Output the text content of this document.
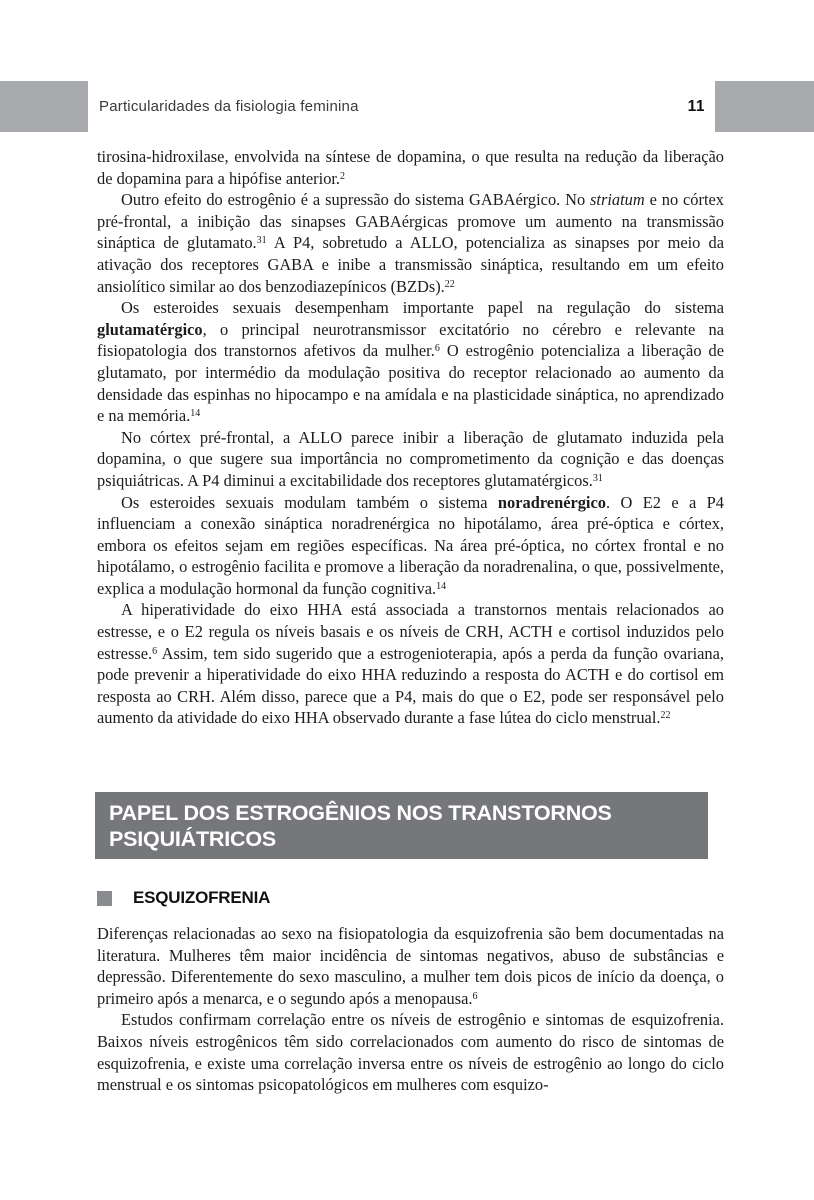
Particularidades da fisiologia feminina	11

tirosina-hidroxilase, envolvida na síntese de dopamina, o que resulta na redução da liberação de dopamina para a hipófise anterior.$^2$

Outro efeito do estrogênio é a supressão do sistema GABAérgico. No striatum e no córtex pré-frontal, a inibição das sinapses GABAérgicas promove um aumento na transmissão sináptica de glutamato.$^{31}$ A P4, sobretudo a ALLO, potencializa as sinapses por meio da ativação dos receptores GABA e inibe a transmissão sináptica, resultando em um efeito ansiolítico similar ao dos benzodiazepínicos (BZDs).$^{22}$

Os esteroides sexuais desempenham importante papel na regulação do sistema glutamatérgico, o principal neurotransmissor excitatório no cérebro e relevante na fisiopatologia dos transtornos afetivos da mulher.$^6$ O estrogênio potencializa a liberação de glutamato, por intermédio da modulação positiva do receptor relacionado ao aumento da densidade das espinhas no hipocampo e na amídala e na plasticidade sináptica, no aprendizado e na memória.$^{14}$

No córtex pré-frontal, a ALLO parece inibir a liberação de glutamato induzida pela dopamina, o que sugere sua importância no comprometimento da cognição e das doenças psiquiátricas. A P4 diminui a excitabilidade dos receptores glutamatérgicos.$^{31}$

Os esteroides sexuais modulam também o sistema noradrenérgico. O E2 e a P4 influenciam a conexão sináptica noradrenérgica no hipotálamo, área pré-óptica e córtex, embora os efeitos sejam em regiões específicas. Na área pré-óptica, no córtex frontal e no hipotálamo, o estrogênio facilita e promove a liberação da noradrenalina, o que, possivelmente, explica a modulação hormonal da função cognitiva.$^{14}$

A hiperatividade do eixo HHA está associada a transtornos mentais relacionados ao estresse, e o E2 regula os níveis basais e os níveis de CRH, ACTH e cortisol induzidos pelo estresse.$^6$ Assim, tem sido sugerido que a estrogenioterapia, após a perda da função ovariana, pode prevenir a hiperatividade do eixo HHA reduzindo a resposta do ACTH e do cortisol em resposta ao CRH. Além disso, parece que a P4, mais do que o E2, pode ser responsável pelo aumento da atividade do eixo HHA observado durante a fase lútea do ciclo menstrual.$^{22}$

PAPEL DOS ESTROGÊNIOS NOS TRANSTORNOS PSIQUIÁTRICOS
ESQUIZOFRENIA

Diferenças relacionadas ao sexo na fisiopatologia da esquizofrenia são bem documentadas na literatura. Mulheres têm maior incidência de sintomas negativos, abuso de substâncias e depressão. Diferentemente do sexo masculino, a mulher tem dois picos de início da doença, o primeiro após a menarca, e o segundo após a menopausa.$^6$

Estudos confirmam correlação entre os níveis de estrogênio e sintomas de esquizofrenia. Baixos níveis estrogênicos têm sido correlacionados com aumento do risco de sintomas de esquizofrenia, e existe uma correlação inversa entre os níveis de estrogênio ao longo do ciclo menstrual e os sintomas psicopatológicos em mulheres com esquizo-
